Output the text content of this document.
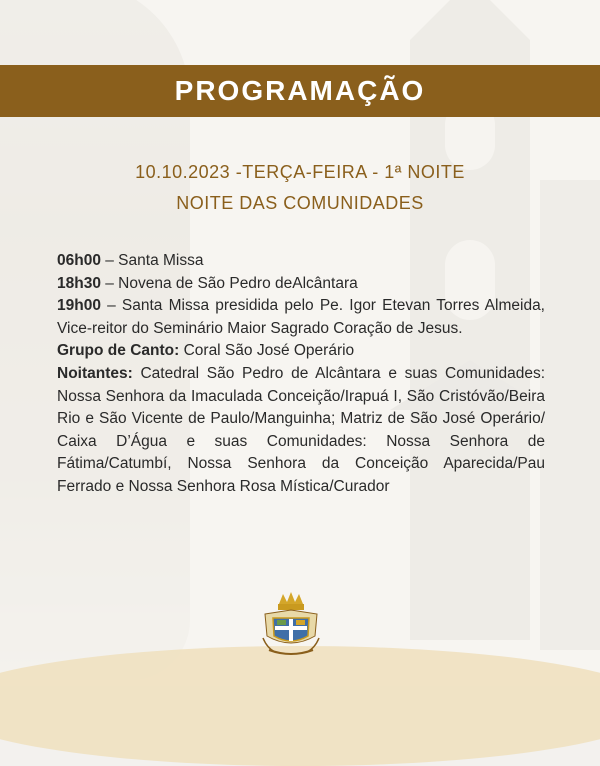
PROGRAMAÇÃO
10.10.2023 -TERÇA-FEIRA - 1ª NOITE
NOITE DAS COMUNIDADES

06h00 – Santa Missa

18h30 – Novena de São Pedro deAlcântara

19h00 – Santa Missa presidida pelo Pe. Igor Etevan Torres Almeida, Vice-reitor do Seminário Maior Sagrado Coração de Jesus.

Grupo de Canto: Coral São José Operário

Noitantes: Catedral São Pedro de Alcântara e suas Comunidades: Nossa Senhora da Imaculada Conceição/Irapuá I, São Cristóvão/Beira Rio e São Vicente de Paulo/Manguinha; Matriz de São José Operário/ Caixa D’Água e suas Comunidades: Nossa Senhora de Fátima/Catumbí, Nossa Senhora da Conceição Aparecida/Pau Ferrado e Nossa Senhora Rosa Mística/Curador
